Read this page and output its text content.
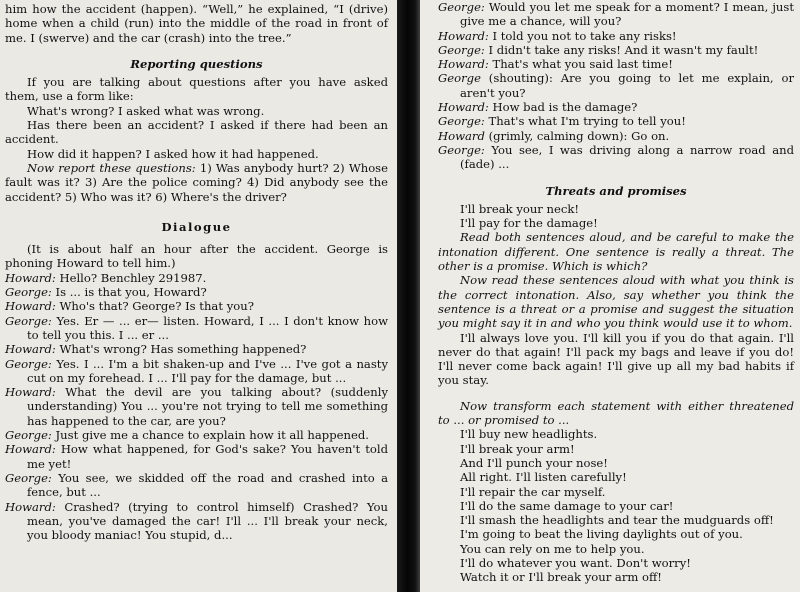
him how the accident (happen). “Well,” he explained, “I (drive) home when a child (run) into the middle of the road in front of me. I (swerve) and the car (crash) into the tree.”

Reporting questions

If you are talking about questions after you have asked them, use a form like:

What's wrong? I asked what was wrong.

Has there been an accident? I asked if there had been an accident.

How did it happen? I asked how it had happened.

Now report these questions: 1) Was anybody hurt? 2) Whose fault was it? 3) Are the police coming? 4) Did anybody see the accident? 5) Who was it? 6) Where's the driver?

Dialogue

(It is about half an hour after the accident. George is phoning Howard to tell him.)

Howard: Hello? Benchley 291987.

George: Is ... is that you, Howard?

Howard: Who's that? George? Is that you?

George: Yes. Er — ... er— listen. Howard, I ... I don't know how to tell you this. I ... er ...

Howard: What's wrong? Has something happened?

George: Yes. I ... I'm a bit shaken-up and I've ... I've got a nasty cut on my forehead. I ... I'll pay for the damage, but ...

Howard: What the devil are you talking about? (suddenly understanding) You ... you're not trying to tell me something has happened to the car, are you?

George: Just give me a chance to explain how it all happened.

Howard: How what happened, for God's sake? You haven't told me yet!

George: You see, we skidded off the road and crashed into a fence, but ...

Howard: Crashed? (trying to control himself) Crashed? You mean, you've damaged the car! I'll ... I'll break your neck, you bloody maniac! You stupid, d...

George: Would you let me speak for a moment? I mean, just give me a chance, will you?

Howard: I told you not to take any risks!

George: I didn't take any risks! And it wasn't my fault!

Howard: That's what you said last time!

George (shouting): Are you going to let me explain, or aren't you?

Howard: How bad is the damage?

George: That's what I'm trying to tell you!

Howard (grimly, calming down): Go on.

George: You see, I was driving along a narrow road and (fade) ...

Threats and promises

I'll break your neck!

I'll pay for the damage!

Read both sentences aloud, and be careful to make the intonation different. One sentence is really a threat. The other is a promise. Which is which?

Now read these sentences aloud with what you think is the correct intonation. Also, say whether you think the sentence is a threat or a promise and suggest the situation you might say it in and who you think would use it to whom.

I'll always love you. I'll kill you if you do that again. I'll never do that again! I'll pack my bags and leave if you do! I'll never come back again! I'll give up all my bad habits if you stay.

Now transform each statement with either threatened to ... or promised to ...

I'll buy new headlights.

I'll break your arm!

And I'll punch your nose!

All right. I'll listen carefully!

I'll repair the car myself.

I'll do the same damage to your car!

I'll smash the headlights and tear the mudguards off!

I'm going to beat the living daylights out of you.

You can rely on me to help you.

I'll do whatever you want. Don't worry!

Watch it or I'll break your arm off!
